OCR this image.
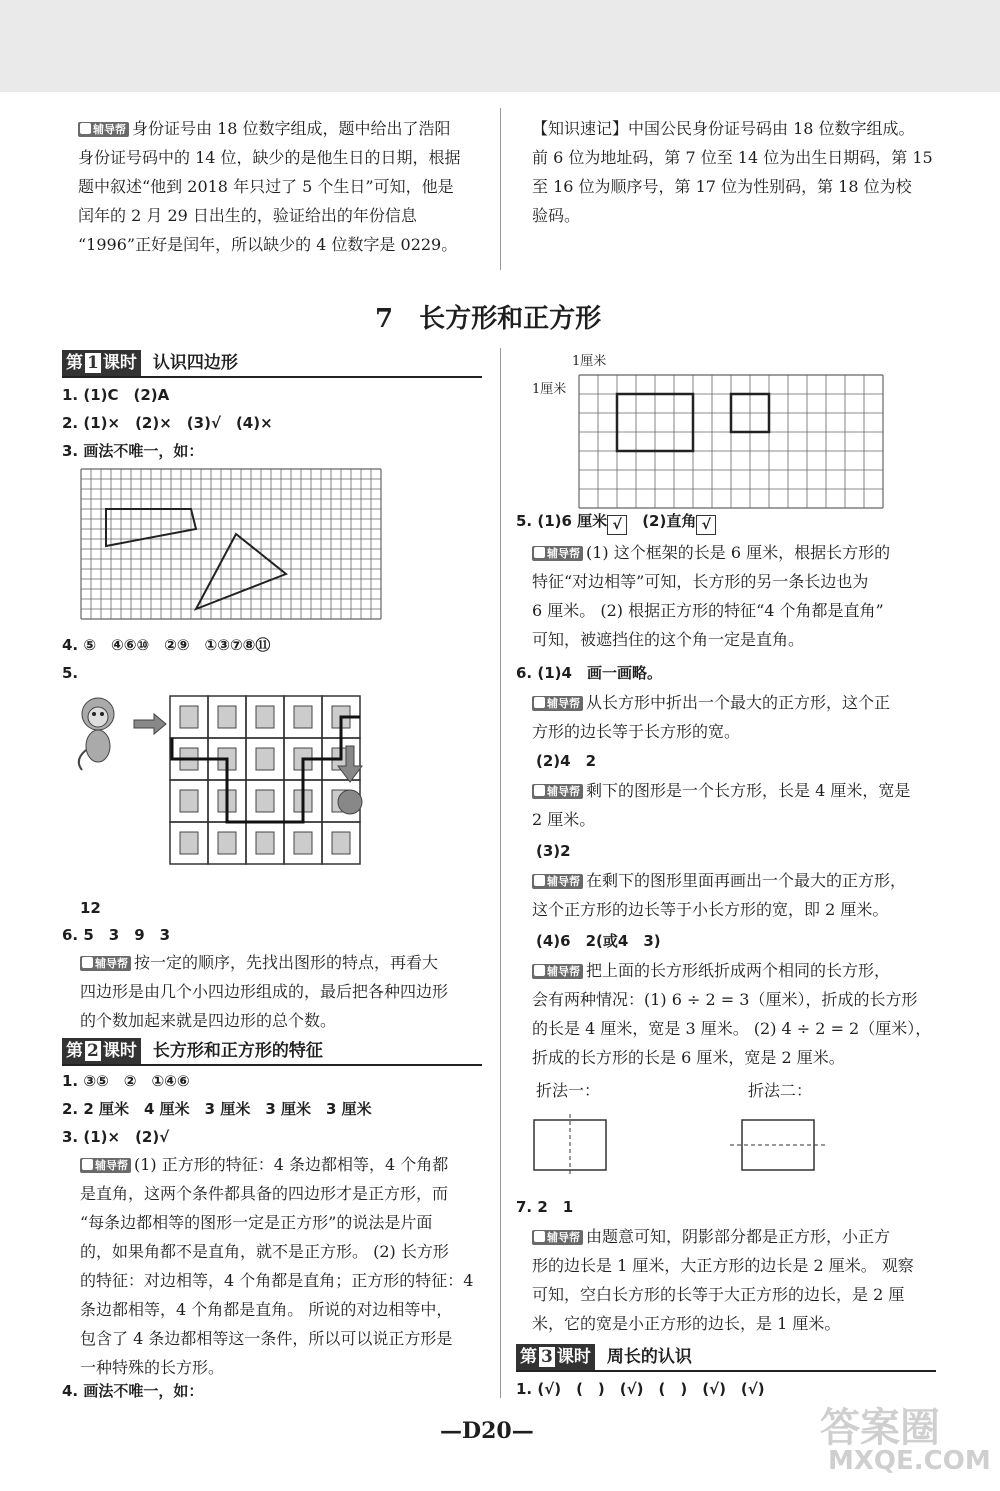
辅导帮 身份证号由 18 位数字组成，题中给出了浩阳
身份证号码中的 14 位，缺少的是他生日的日期，根据
题中叙述“他到 2018 年只过了 5 个生日”可知，他是
闰年的 2 月 29 日出生的，验证给出的年份信息
“1996”正好是闰年，所以缺少的 4 位数字是 0229。
【知识速记】中国公民身份证号码由 18 位数字组成。
前 6 位为地址码，第 7 位至 14 位为出生日期码，第 15
至 16 位为顺序号，第 17 位为性别码，第 18 位为校
验码。
7　长方形和正方形
第 1 课时 认识四边形
1. (1)C　(2)A
2. (1)×　(2)×　(3)√　(4)×
3. 画法不唯一，如：
4. ⑤　④⑥⑩　②⑨　①③⑦⑧⑪
5.
12
6. 5　3　9　3
辅导帮 按一定的顺序，先找出图形的特点，再看大
四边形是由几个小四边形组成的，最后把各种四边形
的个数加起来就是四边形的总个数。
第 2 课时 长方形和正方形的特征
1. ③⑤　②　①④⑥
2. 2 厘米　4 厘米　3 厘米　3 厘米　3 厘米
3. (1)×　(2)√
辅导帮 (1) 正方形的特征：4 条边都相等，4 个角都
是直角，这两个条件都具备的四边形才是正方形，而
“每条边都相等的图形一定是正方形”的说法是片面
的，如果角都不是直角，就不是正方形。 (2) 长方形
的特征：对边相等，4 个角都是直角；正方形的特征：4
条边都相等，4 个角都是直角。 所说的对边相等中，
包含了 4 条边都相等这一条件，所以可以说正方形是
一种特殊的长方形。
4. 画法不唯一，如：
1厘米
1厘米
5. (1)6 厘米 √　 (2)直角 √
辅导帮 (1) 这个框架的长是 6 厘米，根据长方形的
特征“对边相等”可知，长方形的另一条长边也为
6 厘米。 (2) 根据正方形的特征“4 个角都是直角”
可知，被遮挡住的这个角一定是直角。
6. (1)4　画一画略。
辅导帮 从长方形中折出一个最大的正方形，这个正
方形的边长等于长方形的宽。
(2)4　2
辅导帮 剩下的图形是一个长方形，长是 4 厘米，宽是
2 厘米。
(3)2
辅导帮 在剩下的图形里面再画出一个最大的正方形，
这个正方形的边长等于小长方形的宽，即 2 厘米。
(4)6　2(或4　3)
辅导帮 把上面的长方形纸折成两个相同的长方形，
会有两种情况：(1) 6 ÷ 2 = 3（厘米），折成的长方形
的长是 4 厘米，宽是 3 厘米。 (2) 4 ÷ 2 = 2（厘米），
折成的长方形的长是 6 厘米，宽是 2 厘米。
折法一：	折法二：
7. 2　1
辅导帮 由题意可知，阴影部分都是正方形，小正方
形的边长是 1 厘米，大正方形的边长是 2 厘米。 观察
可知，空白长方形的长等于大正方形的边长，是 2 厘
米，它的宽是小正方形的边长，是 1 厘米。
第 3 课时 周长的认识
1. (√)　(　)　(√)　(　)　(√)　(√)
—D20—	答案圈
MXQE.COM
